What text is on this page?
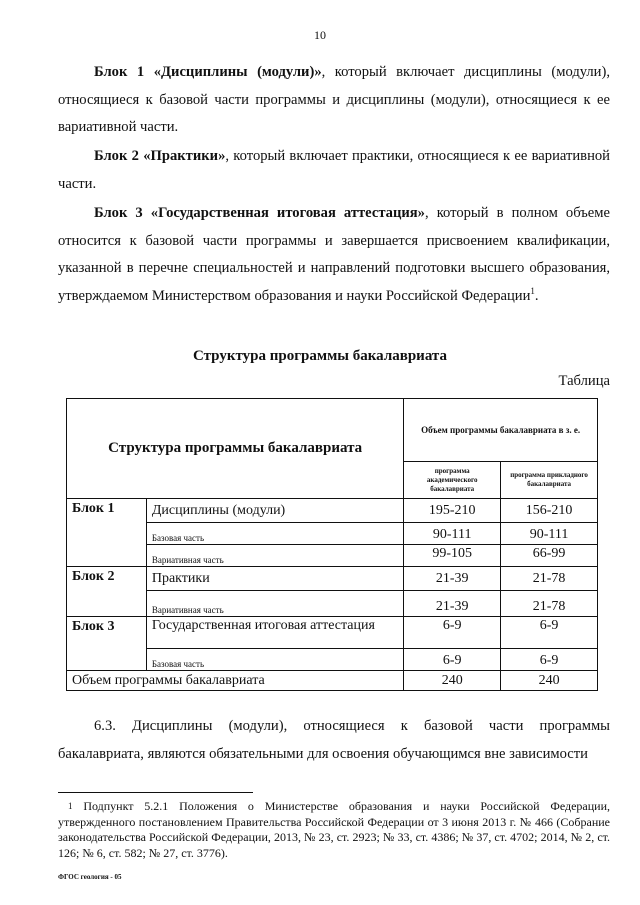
10

Блок 1 «Дисциплины (модули)», который включает дисциплины (модули), относящиеся к базовой части программы и дисциплины (модули), относящиеся к ее вариативной части.

Блок 2 «Практики», который включает практики, относящиеся к ее вариативной части.

Блок 3 «Государственная итоговая аттестация», который в полном объеме относится к базовой части программы и завершается присвоением квалификации, указанной в перечне специальностей и направлений подготовки высшего образования, утверждаемом Министерством образования и науки Российской Федерации$^1$.

Структура программы бакалавриата
Таблица
Структура программы бакалавриата		Объем программы бакалавриата в з. е.	
		программа академического бакалавриата	программа прикладного бакалавриата
Блок 1	Дисциплины (модули)	195-210	156-210
	Базовая часть	90-111	90-111
	Вариативная часть	99-105	66-99
Блок 2	Практики	21-39	21-78
	Вариативная часть	21-39	21-78
Блок 3	Государственная итоговая аттестация	6-9	6-9
	Базовая часть	6-9	6-9
Объем программы бакалавриата		240	240

6.3. Дисциплины (модули), относящиеся к базовой части программы бакалавриата, являются обязательными для освоения обучающимся вне зависимости

$^1$ Подпункт 5.2.1 Положения о Министерстве образования и науки Российской Федерации, утвержденного постановлением Правительства Российской Федерации от 3 июня 2013 г. № 466 (Собрание законодательства Российской Федерации, 2013, № 23, ст. 2923; № 33, ст. 4386; № 37, ст. 4702; 2014, № 2, ст. 126; № 6, ст. 582; № 27, ст. 3776).

ФГОС геология - 05
